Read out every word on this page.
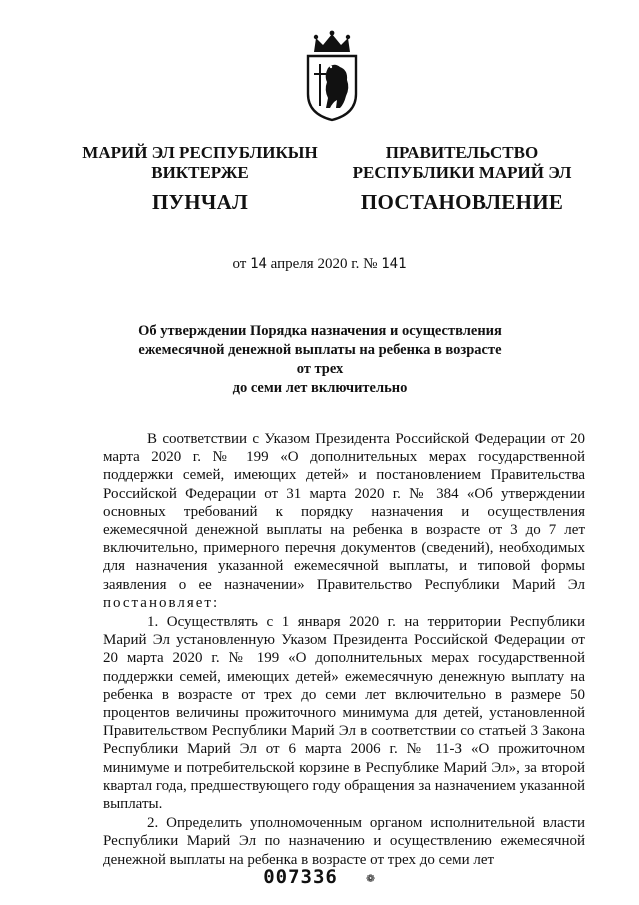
МАРИЙ ЭЛ РЕСПУБЛИКЫН
ВИКТЕРЖЕ
ПУНЧАЛ
ПРАВИТЕЛЬСТВО
РЕСПУБЛИКИ МАРИЙ ЭЛ
ПОСТАНОВЛЕНИЕ
от 14 апреля 2020 г. № 141
Об утверждении Порядка назначения и осуществления
ежемесячной денежной выплаты на ребенка в возрасте от трех
до семи лет включительно

В соответствии с Указом Президента Российской Федерации от 20 марта 2020 г. № 199 «О дополнительных мерах государственной поддержки семей, имеющих детей» и постановлением Правительства Российской Федерации от 31 марта 2020 г. № 384 «Об утверждении основных требований к порядку назначения и осуществления ежемесячной денежной выплаты на ребенка в возрасте от 3 до 7 лет включительно, примерного перечня документов (сведений), необходимых для назначения указанной ежемесячной выплаты, и типовой формы заявления о ее назначении» Правительство Республики Марий Эл постановляет:

1. Осуществлять с 1 января 2020 г. на территории Республики Марий Эл установленную Указом Президента Российской Федерации от 20 марта 2020 г. № 199 «О дополнительных мерах государственной поддержки семей, имеющих детей» ежемесячную денежную выплату на ребенка в возрасте от трех до семи лет включительно в размере 50 процентов величины прожиточного минимума для детей, установленной Правительством Республики Марий Эл в соответствии со статьей 3 Закона Республики Марий Эл от 6 марта 2006 г. № 11-З «О прожиточном минимуме и потребительской корзине в Республике Марий Эл», за второй квартал года, предшествующего году обращения за назначением указанной выплаты.

2. Определить уполномоченным органом исполнительной власти Республики Марий Эл по назначению и осуществлению ежемесячной денежной выплаты на ребенка в возрасте от трех до семи лет

007336 ❁
